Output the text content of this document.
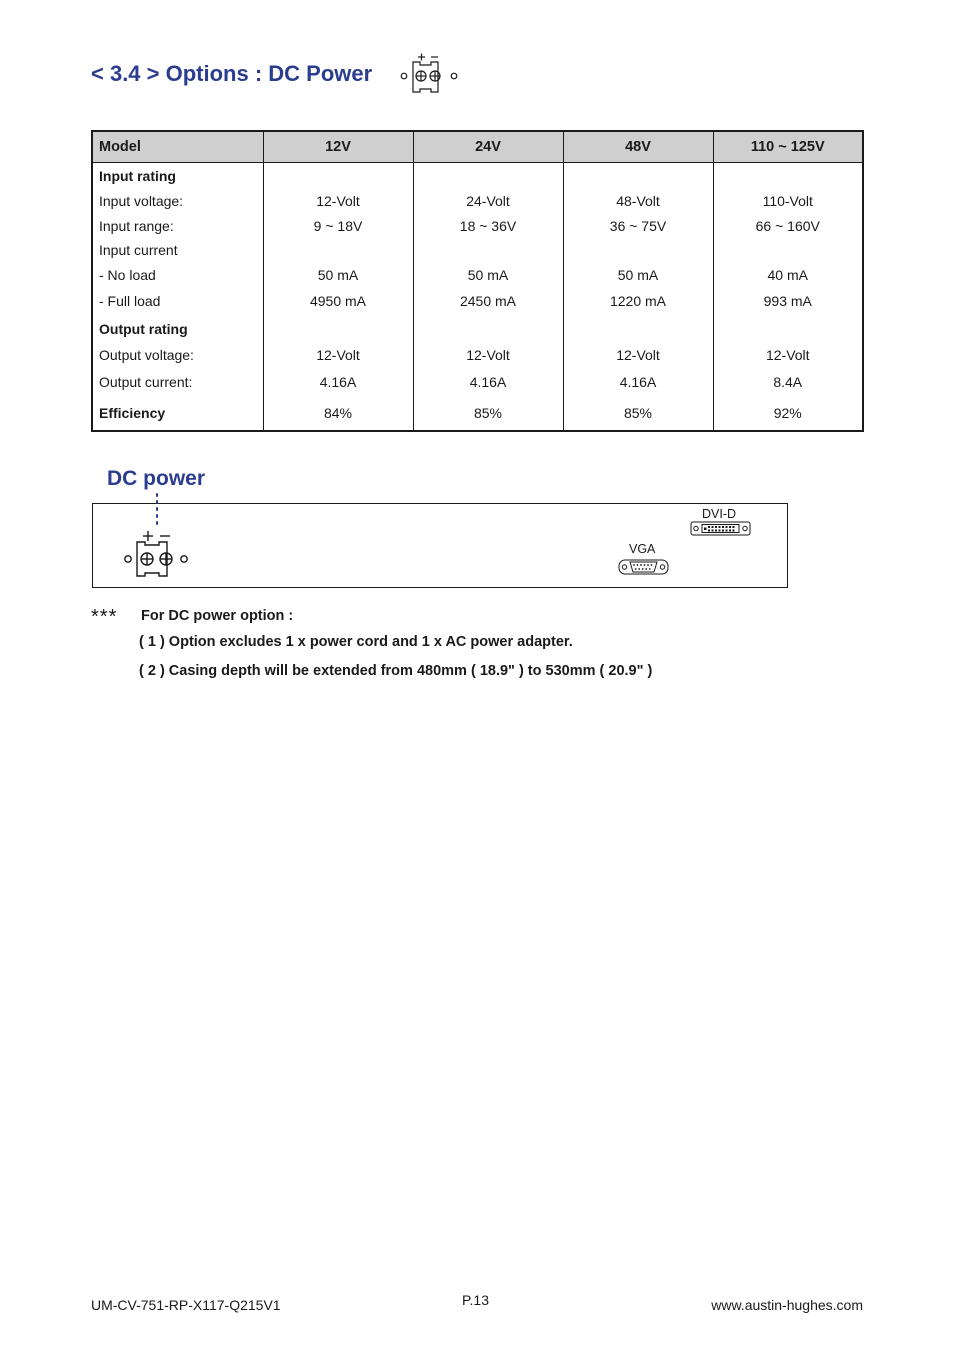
< 3.4 > Options : DC Power
Model	12V	24V	48V	110 ~ 125V
Input rating				
Input voltage:	12-Volt	24-Volt	48-Volt	110-Volt
Input range:	9 ~ 18V	18 ~ 36V	36 ~ 75V	66 ~ 160V
Input current				
- No load	50 mA	50 mA	50 mA	40 mA
- Full load	4950 mA	2450 mA	1220 mA	993 mA
Output rating				
Output voltage:	12-Volt	12-Volt	12-Volt	12-Volt
Output current:	4.16A	4.16A	4.16A	8.4A
Efficiency	84%	85%	85%	92%
DC power
DVI-D
VGA
*** For DC power option :
( 1 ) Option excludes 1 x power cord and 1 x AC power adapter.
( 2 ) Casing depth will be extended from 480mm ( 18.9" ) to 530mm ( 20.9" )
UM-CV-751-RP-X117-Q215V1	P.13	www.austin-hughes.com
